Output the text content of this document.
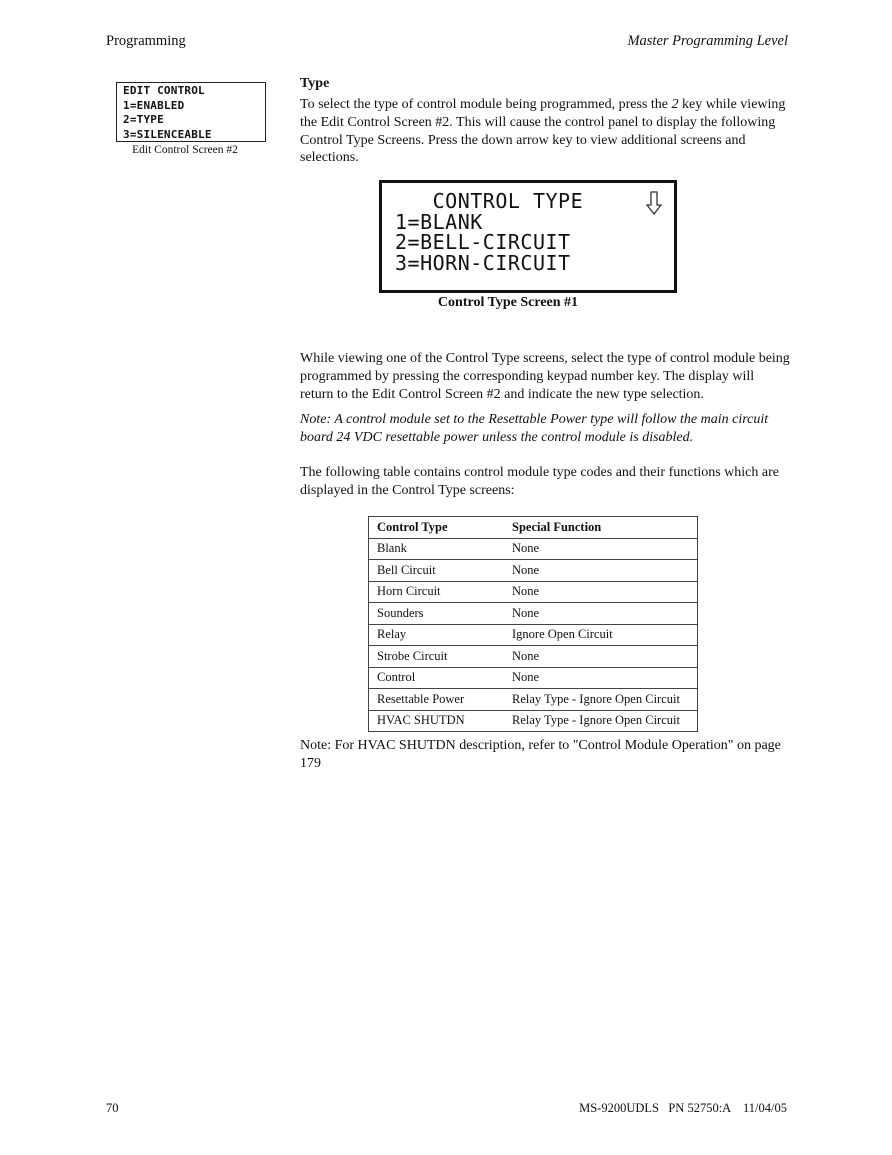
Programming	Master Programming Level
EDIT CONTROL
1=ENABLED
2=TYPE
3=SILENCEABLE
Edit Control Screen #2
Type
To select the type of control module being programmed, press the 2 key while viewing the Edit Control Screen #2. This will cause the control panel to display the following Control Type Screens. Press the down arrow key to view additional screens and selections.
CONTROL TYPE
1=BLANK
2=BELL-CIRCUIT
3=HORN-CIRCUIT
Control Type Screen #1
While viewing one of the Control Type screens, select the type of control module being programmed by pressing the corresponding keypad number key. The display will return to the Edit Control Screen #2 and indicate the new type selection.
Note: A control module set to the Resettable Power type will follow the main circuit board 24 VDC resettable power unless the control module is disabled.
The following table contains control module type codes and their functions which are displayed in the Control Type screens:
Control Type	Special Function
Blank	None
Bell Circuit	None
Horn Circuit	None
Sounders	None
Relay	Ignore Open Circuit
Strobe Circuit	None
Control	None
Resettable Power	Relay Type - Ignore Open Circuit
HVAC SHUTDN	Relay Type - Ignore Open Circuit
Note: For HVAC SHUTDN description, refer to "Control Module Operation" on page 179
70	MS-9200UDLS   PN 52750:A    11/04/05
